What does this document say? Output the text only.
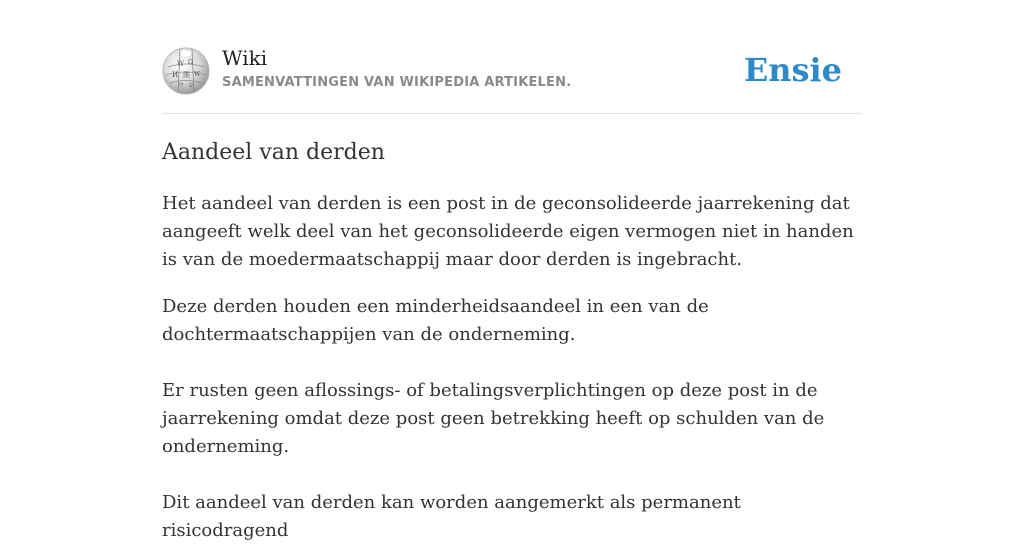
W Ω
И 維 W
ウ ש
Wiki
SAMENVATTINGEN VAN WIKIPEDIA ARTIKELEN.	Ensie
Aandeel van derden

Het aandeel van derden is een post in de geconsolideerde jaarrekening dat aangeeft welk deel van het geconsolideerde eigen vermogen niet in handen is van de moedermaatschappij maar door derden is ingebracht.

Deze derden houden een minderheidsaandeel in een van de dochtermaatschappijen van de onderneming.

Er rusten geen aflossings- of betalingsverplichtingen op deze post in de jaarrekening omdat deze post geen betrekking heeft op schulden van de onderneming.

Dit aandeel van derden kan worden aangemerkt als permanent risicodragend
